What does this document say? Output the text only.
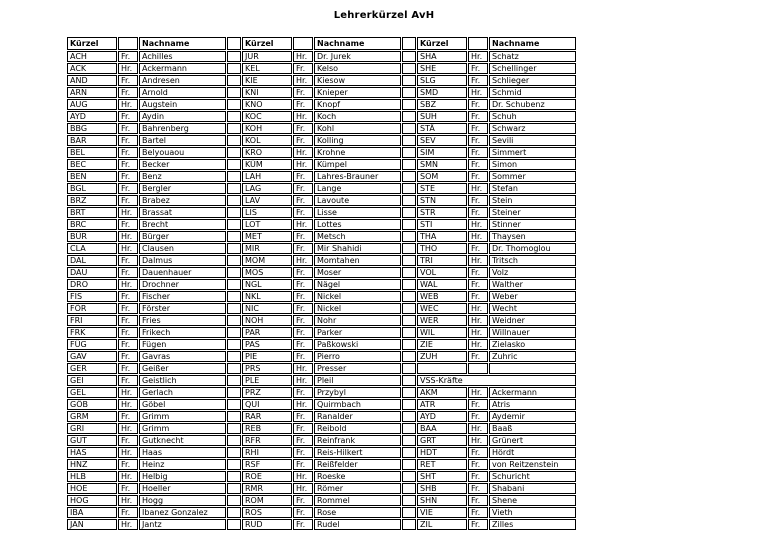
Lehrerkürzel AvH
Kürzel		Nachname		Kürzel		Nachname		Kürzel		Nachname
ACH	Fr.	Achilles		JUR	Hr.	Dr. Jurek		SHA	Hr.	Schatz
ACK	Hr.	Ackermann		KEL	Fr.	Kelso		SHE	Fr.	Schellinger
AND	Fr.	Andresen		KIE	Hr.	Kiesow		SLG	Fr.	Schlieger
ARN	Fr.	Arnold		KNI	Fr.	Knieper		SMD	Hr.	Schmid
AUG	Hr.	Augstein		KNO	Fr.	Knopf		SBZ	Fr.	Dr. Schubenz
AYD	Fr.	Aydin		KOC	Hr.	Koch		SUH	Fr.	Schuh
BBG	Fr.	Bahrenberg		KOH	Fr.	Kohl		STÄ	Fr.	Schwarz
BAR	Fr.	Bartel		KOL	Fr.	Kolling		SEV	Fr.	Sevili
BEL	Fr.	Belyouaou		KRO	Hr.	Krohne		SIM	Fr.	Simmert
BEC	Fr.	Becker		KÜM	Hr.	Kümpel		SMN	Fr.	Simon
BEN	Fr.	Benz		LAH	Fr.	Lahres-Brauner		SOM	Fr.	Sommer
BGL	Fr.	Bergler		LAG	Fr.	Lange		STE	Hr.	Stefan
BRZ	Fr.	Brabez		LAV	Fr.	Lavoute		STN	Fr.	Stein
BRT	Hr.	Brassat		LIS	Fr.	Lisse		STR	Fr.	Steiner
BRC	Fr.	Brecht		LOT	Hr.	Lottes		STI	Hr.	Stinner
BÜR	Hr.	Bürger		MET	Fr.	Metsch		THA	Hr.	Thaysen
CLA	Hr.	Clausen		MIR	Fr.	Mir Shahidi		THO	Fr.	Dr. Thomoglou
DAL	Fr.	Dalmus		MOM	Hr.	Momtahen		TRI	Hr.	Tritsch
DAU	Fr.	Dauenhauer		MOS	Fr.	Moser		VOL	Fr.	Volz
DRO	Hr.	Drochner		NGL	Fr.	Nägel		WAL	Fr.	Walther
FIS	Fr.	Fischer		NKL	Fr.	Nickel		WEB	Fr.	Weber
FÖR	Fr.	Förster		NIC	Fr.	Nickel		WEC	Hr.	Wecht
FRI	Fr.	Fries		NOH	Fr.	Nohr		WER	Hr.	Weidner
FRK	Fr.	Frikech		PAR	Fr.	Parker		WIL	Hr.	Willnauer
FÜG	Fr.	Fügen		PAS	Fr.	Paßkowski		ZIE	Hr.	Zielasko
GAV	Fr.	Gavras		PIE	Fr.	Pierro		ZUH	Fr.	Zuhric
GER	Fr.	Geißer		PRS	Hr.	Presser				
GEI	Fr.	Geistlich		PLE	Hr.	Pleil		VSS-Kräfte		
GEL	Hr.	Gerlach		PRZ	Fr.	Przybyl		AKM	Hr.	Ackermann
GÖB	Hr.	Göbel		QUI	Hr.	Quirmbach		ATR	Fr.	Atris
GRM	Fr.	Grimm		RAR	Fr.	Ranalder		AYD	Fr.	Aydemir
GRI	Hr.	Grimm		REB	Fr.	Reibold		BAA	Hr.	Baaß
GUT	Fr.	Gutknecht		RFR	Fr.	Reinfrank		GRT	Hr.	Grünert
HAS	Hr.	Haas		RHI	Fr.	Reis-Hilkert		HDT	Fr.	Hördt
HNZ	Fr.	Heinz		RSF	Fr.	Reißfelder		RET	Fr.	von Reitzenstein
HLB	Hr.	Helbig		ROE	Hr.	Roeske		SHT	Fr.	Schuricht
HOE	Fr.	Hoeller		RMR	Hr.	Römer		SHB	Fr.	Shabani
HOG	Hr.	Hogg		ROM	Fr.	Rommel		SHN	Fr.	Shene
IBA	Fr.	Ibanez Gonzalez		ROS	Fr.	Rose		VIE	Fr.	Vieth
JAN	Hr.	Jantz		RUD	Fr.	Rudel		ZIL	Fr.	Zilles
